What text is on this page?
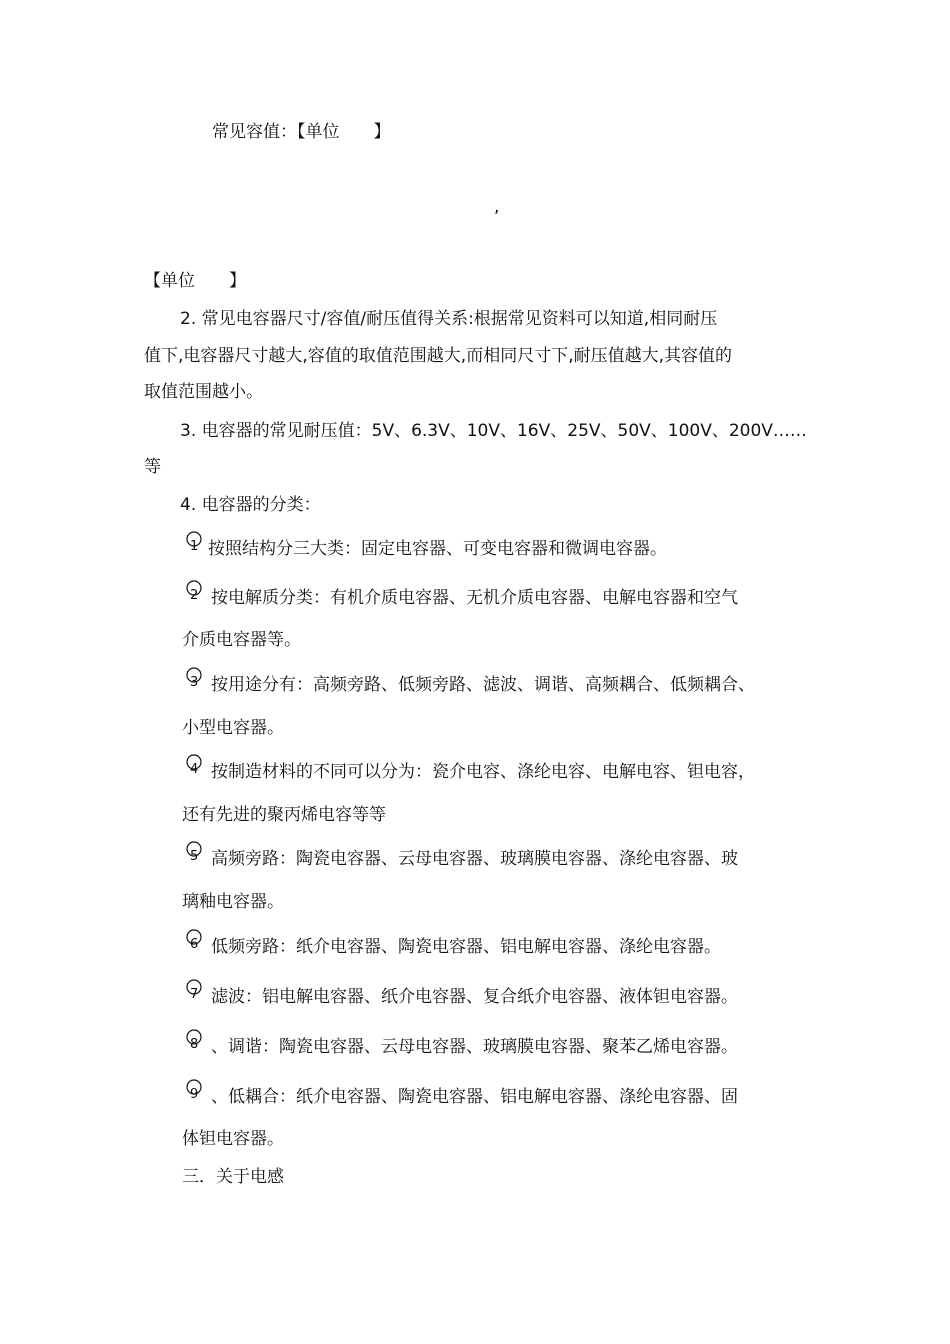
常见容值：【单位　　】
,
【单位　　】
2. 常见电容器尺寸/容值/耐压值得关系:根据常见资料可以知道,相同耐压
值下,电容器尺寸越大,容值的取值范围越大,而相同尺寸下,耐压值越大,其容值的
取值范围越小。
3. 电容器的常见耐压值：5V、6.3V、10V、16V、25V、50V、100V、200V……
等
4. 电容器的分类：
1 按照结构分三大类：固定电容器、可变电容器和微调电容器。
2 按电解质分类：有机介质电容器、无机介质电容器、电解电容器和空气
介质电容器等。
3 按用途分有：高频旁路、低频旁路、滤波、调谐、高频耦合、低频耦合、
小型电容器。
4 按制造材料的不同可以分为：瓷介电容、涤纶电容、电解电容、钽电容，
还有先进的聚丙烯电容等等
5 高频旁路：陶瓷电容器、云母电容器、玻璃膜电容器、涤纶电容器、玻
璃釉电容器。
6 低频旁路：纸介电容器、陶瓷电容器、铝电解电容器、涤纶电容器。
7 滤波：铝电解电容器、纸介电容器、复合纸介电容器、液体钽电容器。
8 、调谐：陶瓷电容器、云母电容器、玻璃膜电容器、聚苯乙烯电容器。
9 、低耦合：纸介电容器、陶瓷电容器、铝电解电容器、涤纶电容器、固
体钽电容器。
三．关于电感
